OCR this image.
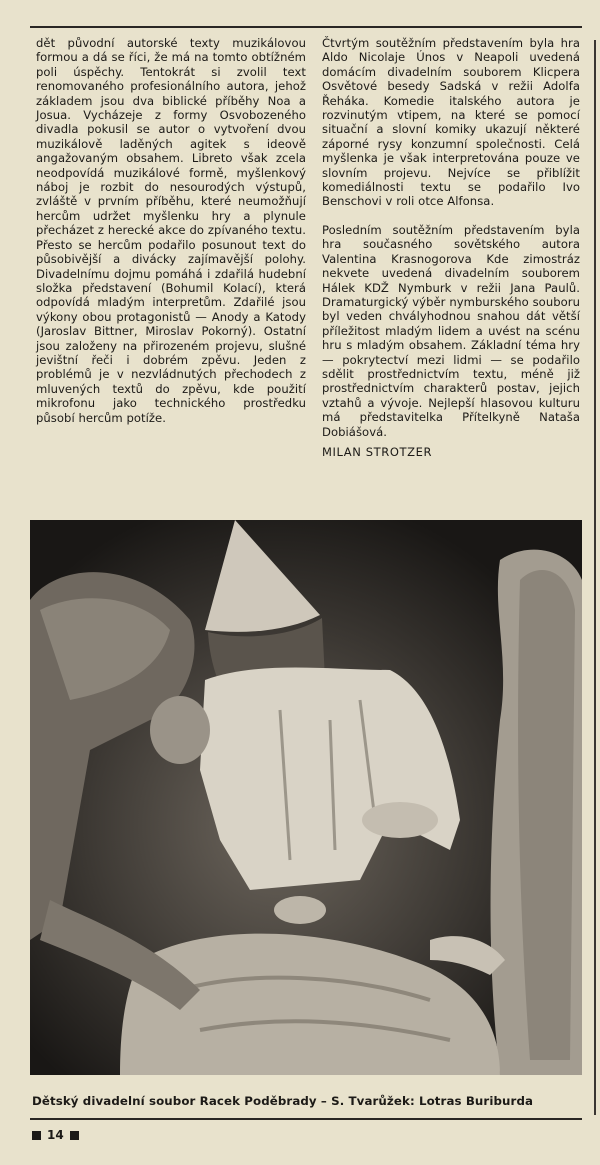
dět původní autorské texty muzikálovou formou a dá se říci, že má na tomto obtížném poli úspěchy. Tentokrát si zvolil text renomovaného profesionálního autora, jehož základem jsou dva biblické příběhy Noa a Josua. Vycházeje z formy Osvobozeného divadla pokusil se autor o vytvoření dvou muzikálově laděných agitek s ideově angažovaným obsahem. Libreto však zcela neodpovídá muzikálové formě, myšlenkový náboj je rozbit do nesourodých výstupů, zvláště v prvním příběhu, které neumožňují hercům udržet myšlenku hry a plynule přecházet z herecké akce do zpívaného textu. Přesto se hercům podařilo posunout text do působivější a divácky zajímavější polohy. Divadelnímu dojmu pomáhá i zdařilá hudební složka představení (Bohumil Kolací), která odpovídá mladým interpretům. Zdařilé jsou výkony obou protagonistů — Anody a Katody (Jaroslav Bittner, Miroslav Pokorný). Ostatní jsou založeny na přirozeném projevu, slušné jevištní řeči i dobrém zpěvu. Jeden z problémů je v nezvládnutých přechodech z mluvených textů do zpěvu, kde použití mikrofonu jako technického prostředku působí hercům potíže.

Čtvrtým soutěžním představením byla hra Aldo Nicolaje Únos v Neapoli uvedená domácím divadelním souborem Klicpera Osvětové besedy Sadská v režii Adolfa Řeháka. Komedie italského autora je rozvinutým vtipem, na které se pomocí situační a slovní komiky ukazují některé záporné rysy konzumní společnosti. Celá myšlenka je však interpretována pouze ve slovním projevu. Nejvíce se přiblížit komediálnosti textu se podařilo Ivo Benschovi v roli otce Alfonsa.

Posledním soutěžním představením byla hra současného sovětského autora Valentina Krasnogorova Kde zimostráz nekvete uvedená divadelním souborem Hálek KDŽ Nymburk v režii Jana Paulů. Dramaturgický výběr nymburského souboru byl veden chvályhodnou snahou dát větší příležitost mladým lidem a uvést na scénu hru s mladým obsahem. Základní téma hry — pokrytectví mezi lidmi — se podařilo sdělit prostřednictvím textu, méně již prostřednictvím charakterů postav, jejich vztahů a vývoje. Nejlepší hlasovou kulturu má představitelka Přítelkyně Nataša Dobiášová.

MILAN STROTZER
Dětský divadelní soubor Racek Poděbrady – S. Tvarůžek: Lotras Buriburda
14
